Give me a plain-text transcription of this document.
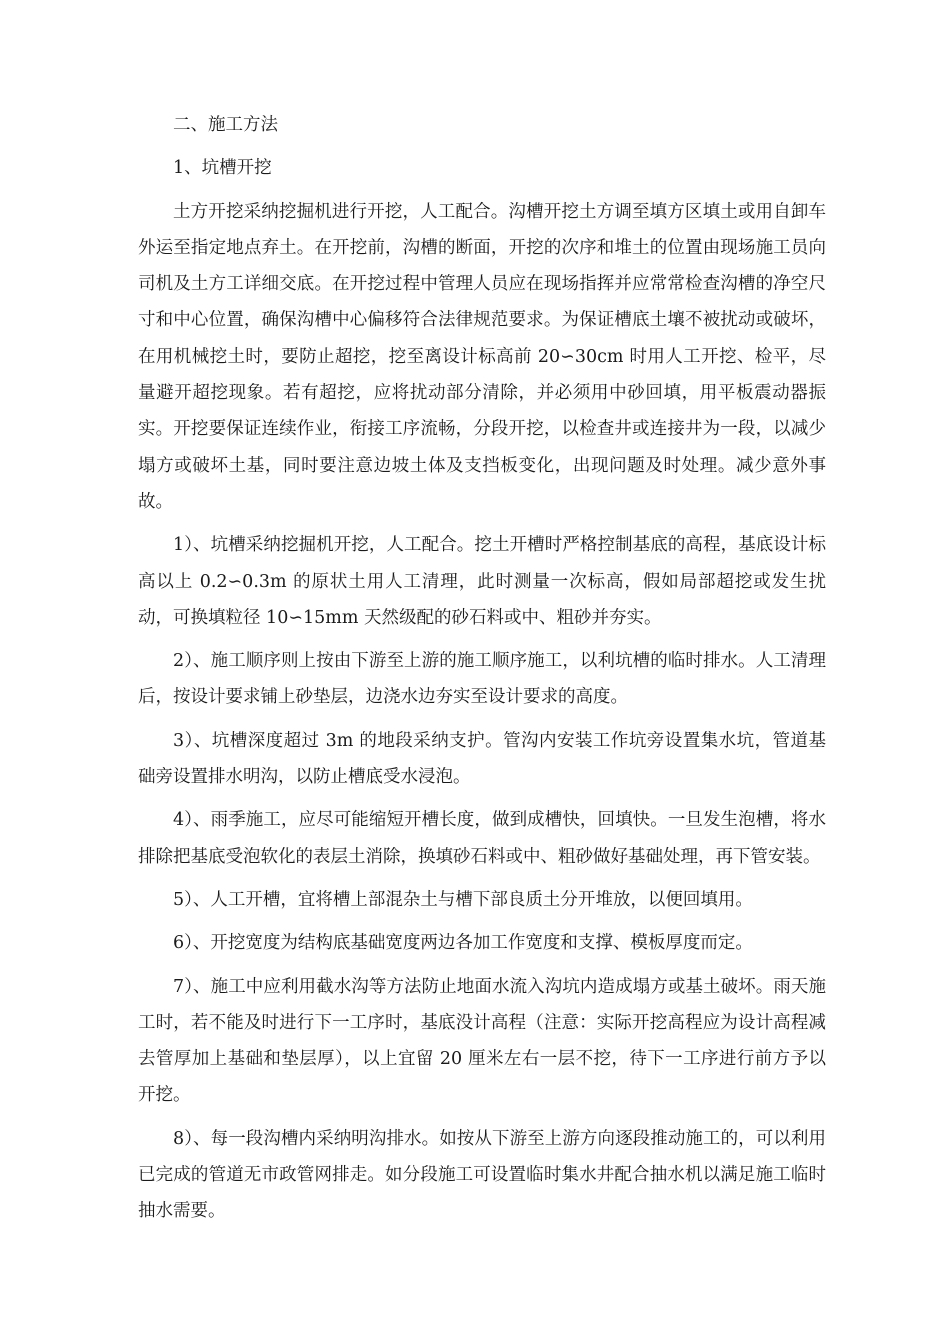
二、施工方法

1、坑槽开挖

土方开挖采纳挖掘机进行开挖，人工配合。沟槽开挖土方调至填方区填土或用自卸车外运至指定地点弃土。在开挖前，沟槽的断面，开挖的次序和堆土的位置由现场施工员向司机及土方工详细交底。在开挖过程中管理人员应在现场指挥并应常常检查沟槽的净空尺寸和中心位置，确保沟槽中心偏移符合法律规范要求。为保证槽底土壤不被扰动或破坏，在用机械挖土时，要防止超挖，挖至离设计标高前 20∽30cm 时用人工开挖、检平，尽量避开超挖现象。若有超挖，应将扰动部分清除，并必须用中砂回填，用平板震动器振实。开挖要保证连续作业，衔接工序流畅，分段开挖，以检查井或连接井为一段，以减少塌方或破坏土基，同时要注意边坡土体及支挡板变化，出现问题及时处理。减少意外事故。

1）、坑槽采纳挖掘机开挖，人工配合。挖土开槽时严格控制基底的高程，基底设计标高以上 0.2∽0.3m 的原状土用人工清理，此时测量一次标高，假如局部超挖或发生扰动，可换填粒径 10∽15mm 天然级配的砂石料或中、粗砂并夯实。

2）、施工顺序则上按由下游至上游的施工顺序施工，以利坑槽的临时排水。人工清理后，按设计要求铺上砂垫层，边浇水边夯实至设计要求的高度。

3）、坑槽深度超过 3m 的地段采纳支护。管沟内安装工作坑旁设置集水坑，管道基础旁设置排水明沟，以防止槽底受水浸泡。

4）、雨季施工，应尽可能缩短开槽长度，做到成槽快，回填快。一旦发生泡槽，将水排除把基底受泡软化的表层土消除，换填砂石料或中、粗砂做好基础处理，再下管安装。

5）、人工开槽，宜将槽上部混杂土与槽下部良质土分开堆放，以便回填用。

6）、开挖宽度为结构底基础宽度两边各加工作宽度和支撑、模板厚度而定。

7）、施工中应利用截水沟等方法防止地面水流入沟坑内造成塌方或基土破坏。雨天施工时，若不能及时进行下一工序时，基底没计高程（注意：实际开挖高程应为设计高程减去管厚加上基础和垫层厚），以上宜留 20 厘米左右一层不挖，待下一工序进行前方予以开挖。

8）、每一段沟槽内采纳明沟排水。如按从下游至上游方向逐段推动施工的，可以利用已完成的管道无市政管网排走。如分段施工可设置临时集水井配合抽水机以满足施工临时抽水需要。
